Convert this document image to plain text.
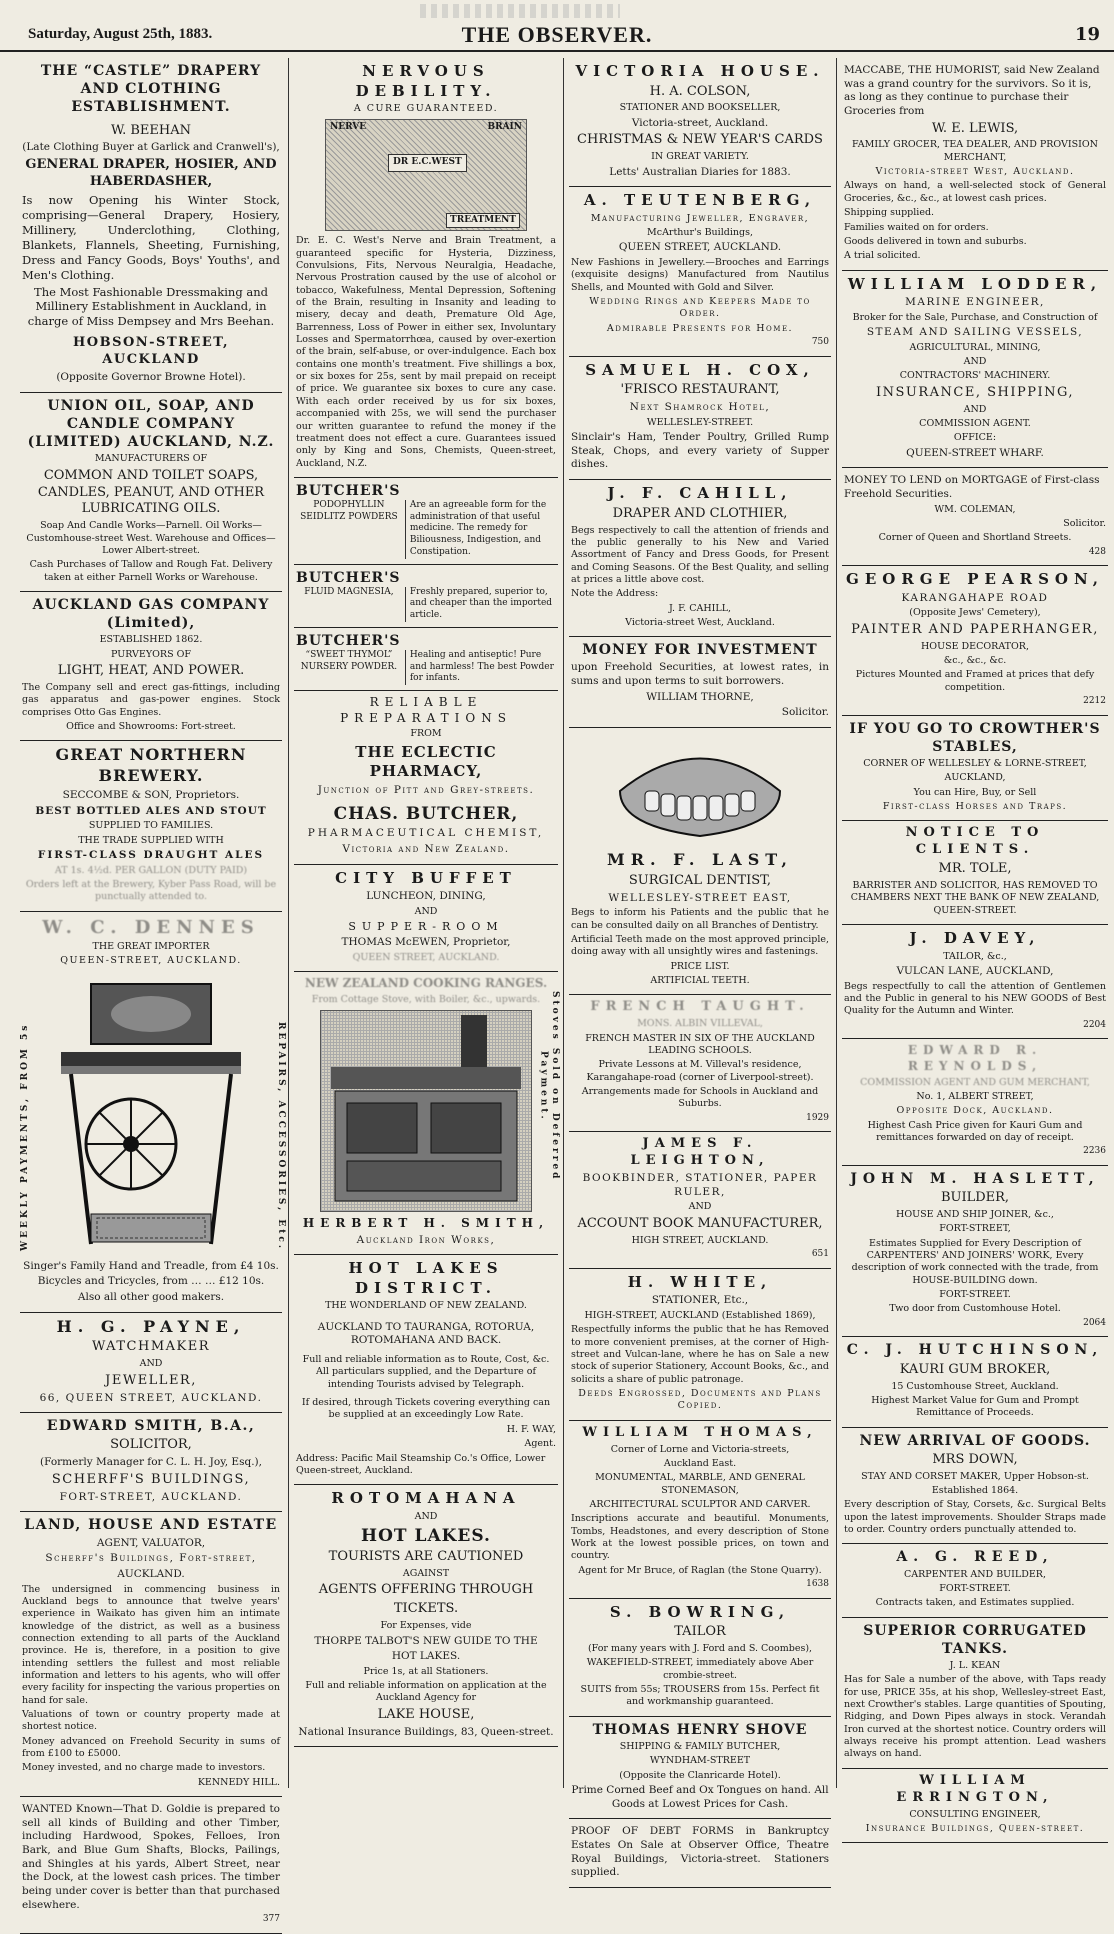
Saturday, August 25th, 1883.	THE OBSERVER.	19
THE “CASTLE” DRAPERY AND CLOTHING ESTABLISHMENT.
W. BEEHAN

(Late Clothing Buyer at Garlick and Cranwell's),

GENERAL DRAPER, HOSIER, AND HABERDASHER,

Is now Opening his Winter Stock, comprising—General Drapery, Hosiery, Millinery, Underclothing, Clothing, Blankets, Flannels, Sheeting, Furnishing, Dress and Fancy Goods, Boys' Youths', and Men's Clothing.

The Most Fashionable Dressmaking and Millinery Establishment in Auckland, in charge of Miss Dempsey and Mrs Beehan.

HOBSON-STREET, AUCKLAND

(Opposite Governor Browne Hotel).

UNION OIL, SOAP, AND CANDLE COMPANY (LIMITED) AUCKLAND, N.Z.

MANUFACTURERS OF

COMMON AND TOILET SOAPS, CANDLES, PEANUT, AND OTHER LUBRICATING OILS.

Soap And Candle Works—Parnell. Oil Works—Customhouse-street West. Warehouse and Offices—Lower Albert-street.

Cash Purchases of Tallow and Rough Fat. Delivery taken at either Parnell Works or Warehouse.

AUCKLAND GAS COMPANY (Limited),

ESTABLISHED 1862.

PURVEYORS OF

LIGHT, HEAT, AND POWER.

The Company sell and erect gas-fittings, including gas apparatus and gas-power engines. Stock comprises Otto Gas Engines.

Office and Showrooms: Fort-street.

GREAT NORTHERN BREWERY.

SECCOMBE & SON, Proprietors.

BEST BOTTLED ALES AND STOUT

SUPPLIED TO FAMILIES.

THE TRADE SUPPLIED WITH

FIRST-CLASS DRAUGHT ALES

AT 1s. 4½d. PER GALLON (DUTY PAID)

Orders left at the Brewery, Kyber Pass Road, will be punctually attended to.

W. C. DENNES

THE GREAT IMPORTER

QUEEN-STREET, AUCKLAND.

WEEKLY PAYMENTS, FROM 5s	REPAIRS, ACCESSORIES, Etc.

Singer's Family Hand and Treadle, from £4 10s.

Bicycles and Tricycles, from … … £12 10s.

Also all other good makers.

H. G. PAYNE,

WATCHMAKER

AND

JEWELLER,

66, QUEEN STREET, AUCKLAND.

EDWARD SMITH, B.A.,

SOLICITOR,

(Formerly Manager for C. L. H. Joy, Esq.),

SCHERFF'S BUILDINGS,

FORT-STREET, AUCKLAND.

LAND, HOUSE AND ESTATE

AGENT, VALUATOR,

Scherff's Buildings, Fort-street,

AUCKLAND.

The undersigned in commencing business in Auckland begs to announce that twelve years' experience in Waikato has given him an intimate knowledge of the district, as well as a business connection extending to all parts of the Auckland province. He is, therefore, in a position to give intending settlers the fullest and most reliable information and letters to his agents, who will offer every facility for inspecting the various properties on hand for sale.

Valuations of town or country property made at shortest notice.

Money advanced on Freehold Security in sums of from £100 to £5000.

Money invested, and no charge made to investors.

KENNEDY HILL.

WANTED Known—That D. Goldie is prepared to sell all kinds of Building and other Timber, including Hardwood, Spokes, Felloes, Iron Bark, and Blue Gum Shafts, Blocks, Pailings, and Shingles at his yards, Albert Street, near the Dock, at the lowest cash prices. The timber being under cover is better than that purchased elsewhere.

377

NERVOUS DEBILITY.

A CURE GUARANTEED.

NERVE	BRAIN
DR E.C.WEST
TREATMENT

Dr. E. C. West's Nerve and Brain Treatment, a guaranteed specific for Hysteria, Dizziness, Convulsions, Fits, Nervous Neuralgia, Headache, Nervous Prostration caused by the use of alcohol or tobacco, Wakefulness, Mental Depression, Softening of the Brain, resulting in Insanity and leading to misery, decay and death, Premature Old Age, Barrenness, Loss of Power in either sex, Involuntary Losses and Spermatorrhœa, caused by over-exertion of the brain, self-abuse, or over-indulgence. Each box contains one month's treatment. Five shillings a box, or six boxes for 25s, sent by mail prepaid on receipt of price. We guarantee six boxes to cure any case. With each order received by us for six boxes, accompanied with 25s, we will send the purchaser our written guarantee to refund the money if the treatment does not effect a cure. Guarantees issued only by King and Sons, Chemists, Queen-street, Auckland, N.Z.

BUTCHER'S
PODOPHYLLIN SEIDLITZ POWDERS
Are an agreeable form for the administration of that useful medicine. The remedy for Biliousness, Indigestion, and Constipation.
BUTCHER'S
FLUID MAGNESIA,	Freshly prepared, superior to, and cheaper than the imported article.
BUTCHER'S
“SWEET THYMOL” NURSERY POWDER.
Healing and antiseptic! Pure and harmless! The best Powder for infants.
RELIABLE PREPARATIONS

FROM

THE ECLECTIC PHARMACY,

Junction of Pitt and Grey-streets.

CHAS. BUTCHER,

PHARMACEUTICAL CHEMIST,

Victoria and New Zealand.

CITY BUFFET

LUNCHEON, DINING,

AND

SUPPER-ROOM

THOMAS McEWEN, Proprietor,

QUEEN STREET, AUCKLAND.

NEW ZEALAND COOKING RANGES.

From Cottage Stove, with Boiler, &c., upwards.	Stoves Sold on Deferred Payment.
HERBERT H. SMITH,

Auckland Iron Works,

HOT LAKES DISTRICT.

THE WONDERLAND OF NEW ZEALAND.

AUCKLAND TO TAURANGA, ROTORUA, ROTOMAHANA AND BACK.

Full and reliable information as to Route, Cost, &c. All particulars supplied, and the Departure of intending Tourists advised by Telegraph.

If desired, through Tickets covering everything can be supplied at an exceedingly Low Rate.

H. F. WAY,

Agent.

Address: Pacific Mail Steamship Co.'s Office, Lower Queen-street, Auckland.

ROTOMAHANA

AND

HOT LAKES.

TOURISTS ARE CAUTIONED

AGAINST

AGENTS OFFERING THROUGH

TICKETS.

For Expenses, vide

THORPE TALBOT'S NEW GUIDE TO THE

HOT LAKES.

Price 1s, at all Stationers.

Full and reliable information on application at the Auckland Agency for

LAKE HOUSE,

National Insurance Buildings, 83, Queen-street.

VICTORIA HOUSE.

H. A. COLSON,

STATIONER AND BOOKSELLER,

Victoria-street, Auckland.

CHRISTMAS & NEW YEAR'S CARDS

IN GREAT VARIETY.

Letts' Australian Diaries for 1883.

A. TEUTENBERG,

Manufacturing Jeweller, Engraver,

McArthur's Buildings,

QUEEN STREET, AUCKLAND.

New Fashions in Jewellery.—Brooches and Earrings (exquisite designs) Manufactured from Nautilus Shells, and Mounted with Gold and Silver.

Wedding Rings and Keepers Made to Order.

Admirable Presents for Home.

750

SAMUEL H. COX,

'FRISCO RESTAURANT,

Next Shamrock Hotel,

WELLESLEY-STREET.

Sinclair's Ham, Tender Poultry, Grilled Rump Steak, Chops, and every variety of Supper dishes.

J. F. CAHILL,

DRAPER AND CLOTHIER,

Begs respectively to call the attention of friends and the public generally to his New and Varied Assortment of Fancy and Dress Goods, for Present and Coming Seasons. Of the Best Quality, and selling at prices a little above cost.

Note the Address:

J. F. CAHILL,

Victoria-street West, Auckland.

MONEY FOR INVESTMENT

upon Freehold Securities, at lowest rates, in sums and upon terms to suit borrowers.

WILLIAM THORNE,

Solicitor.

MR. F. LAST,

SURGICAL DENTIST,

WELLESLEY-STREET EAST,

Begs to inform his Patients and the public that he can be consulted daily on all Branches of Dentistry.

Artificial Teeth made on the most approved principle, doing away with all unsightly wires and fastenings.

PRICE LIST.

ARTIFICIAL TEETH.

FRENCH TAUGHT.

MONS. ALBIN VILLEVAL,

FRENCH MASTER IN SIX OF THE AUCKLAND LEADING SCHOOLS.

Private Lessons at M. Villeval's residence, Karangahape-road (corner of Liverpool-street).

Arrangements made for Schools in Auckland and Suburbs.

1929

JAMES F. LEIGHTON,

BOOKBINDER, STATIONER, PAPER RULER,

AND

ACCOUNT BOOK MANUFACTURER,

HIGH STREET, AUCKLAND.

651

H. WHITE,

STATIONER, Etc.,

HIGH-STREET, AUCKLAND (Established 1869),

Respectfully informs the public that he has Removed to more convenient premises, at the corner of High-street and Vulcan-lane, where he has on Sale a new stock of superior Stationery, Account Books, &c., and solicits a share of public patronage.

Deeds Engrossed, Documents and Plans Copied.

WILLIAM THOMAS,

Corner of Lorne and Victoria-streets,

Auckland East.

MONUMENTAL, MARBLE, AND GENERAL STONEMASON,

ARCHITECTURAL SCULPTOR AND CARVER.

Inscriptions accurate and beautiful. Monuments, Tombs, Headstones, and every description of Stone Work at the lowest possible prices, on town and country.

Agent for Mr Bruce, of Raglan (the Stone Quarry).

1638

S. BOWRING,

TAILOR

(For many years with J. Ford and S. Coombes),

WAKEFIELD-STREET, immediately above Aber crombie-street.

SUITS from 55s; TROUSERS from 15s. Perfect fit and workmanship guaranteed.

THOMAS HENRY SHOVE

SHIPPING & FAMILY BUTCHER,

WYNDHAM-STREET

(Opposite the Clanricarde Hotel).

Prime Corned Beef and Ox Tongues on hand. All Goods at Lowest Prices for Cash.

PROOF OF DEBT FORMS in Bankruptcy Estates On Sale at Observer Office, Theatre Royal Buildings, Victoria-street. Stationers supplied.

MACCABE, THE HUMORIST, said New Zealand was a grand country for the survivors. So it is, as long as they continue to purchase their Groceries from

W. E. LEWIS,

FAMILY GROCER, TEA DEALER, AND PROVISION MERCHANT,

Victoria-street West, Auckland.

Always on hand, a well-selected stock of General Groceries, &c., &c., at lowest cash prices.

Shipping supplied.

Families waited on for orders.

Goods delivered in town and suburbs.

A trial solicited.

WILLIAM LODDER,

MARINE ENGINEER,

Broker for the Sale, Purchase, and Construction of

STEAM AND SAILING VESSELS,

AGRICULTURAL, MINING,

AND

CONTRACTORS' MACHINERY.

INSURANCE, SHIPPING,

AND

COMMISSION AGENT.

OFFICE:

QUEEN-STREET WHARF.

MONEY TO LEND on MORTGAGE of First-class Freehold Securities.

WM. COLEMAN,

Solicitor.

Corner of Queen and Shortland Streets.

428

GEORGE PEARSON,

KARANGAHAPE ROAD

(Opposite Jews' Cemetery),

PAINTER AND PAPERHANGER,

HOUSE DECORATOR,

&c., &c., &c.

Pictures Mounted and Framed at prices that defy competition.

2212

IF YOU GO TO CROWTHER'S STABLES,

CORNER OF WELLESLEY & LORNE-STREET,

AUCKLAND,

You can Hire, Buy, or Sell

First-class Horses and Traps.

NOTICE TO CLIENTS.

MR. TOLE,

BARRISTER AND SOLICITOR, HAS REMOVED TO CHAMBERS NEXT THE BANK OF NEW ZEALAND, QUEEN-STREET.

J. DAVEY,

TAILOR, &c.,

VULCAN LANE, AUCKLAND,

Begs respectfully to call the attention of Gentlemen and the Public in general to his NEW GOODS of Best Quality for the Autumn and Winter.

2204

EDWARD R. REYNOLDS,

COMMISSION AGENT AND GUM MERCHANT,

No. 1, ALBERT STREET,

Opposite Dock, Auckland.

Highest Cash Price given for Kauri Gum and remittances forwarded on day of receipt.

2236

JOHN M. HASLETT,

BUILDER,

HOUSE AND SHIP JOINER, &c.,

FORT-STREET,

Estimates Supplied for Every Description of CARPENTERS' AND JOINERS' WORK, Every description of work connected with the trade, from HOUSE-BUILDING down.

FORT-STREET.

Two door from Customhouse Hotel.

2064

C. J. HUTCHINSON,

KAURI GUM BROKER,

15 Customhouse Street, Auckland.

Highest Market Value for Gum and Prompt Remittance of Proceeds.

NEW ARRIVAL OF GOODS.

MRS DOWN,

STAY AND CORSET MAKER, Upper Hobson-st.

Established 1864.

Every description of Stay, Corsets, &c. Surgical Belts upon the latest improvements. Shoulder Straps made to order. Country orders punctually attended to.

A. G. REED,

CARPENTER AND BUILDER,

FORT-STREET.

Contracts taken, and Estimates supplied.

SUPERIOR CORRUGATED TANKS.

J. L. KEAN

Has for Sale a number of the above, with Taps ready for use, PRICE 35s, at his shop, Wellesley-street East, next Crowther's stables. Large quantities of Spouting, Ridging, and Down Pipes always in stock. Verandah Iron curved at the shortest notice. Country orders will always receive his prompt attention. Lead washers always on hand.

WILLIAM ERRINGTON,

CONSULTING ENGINEER,

Insurance Buildings, Queen-street.
